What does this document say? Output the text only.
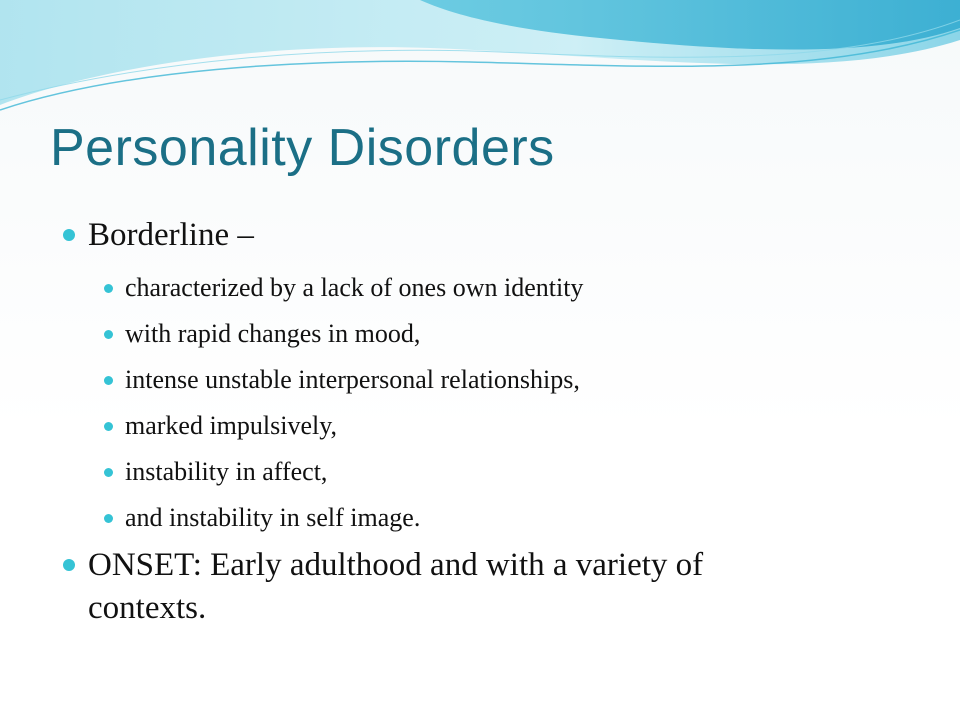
Personality Disorders
Borderline –
characterized by a lack of ones own identity
with rapid changes in mood,
intense unstable interpersonal relationships,
marked impulsively,
instability in affect,
and instability in self image.
ONSET: Early adulthood and with a variety of
contexts.
